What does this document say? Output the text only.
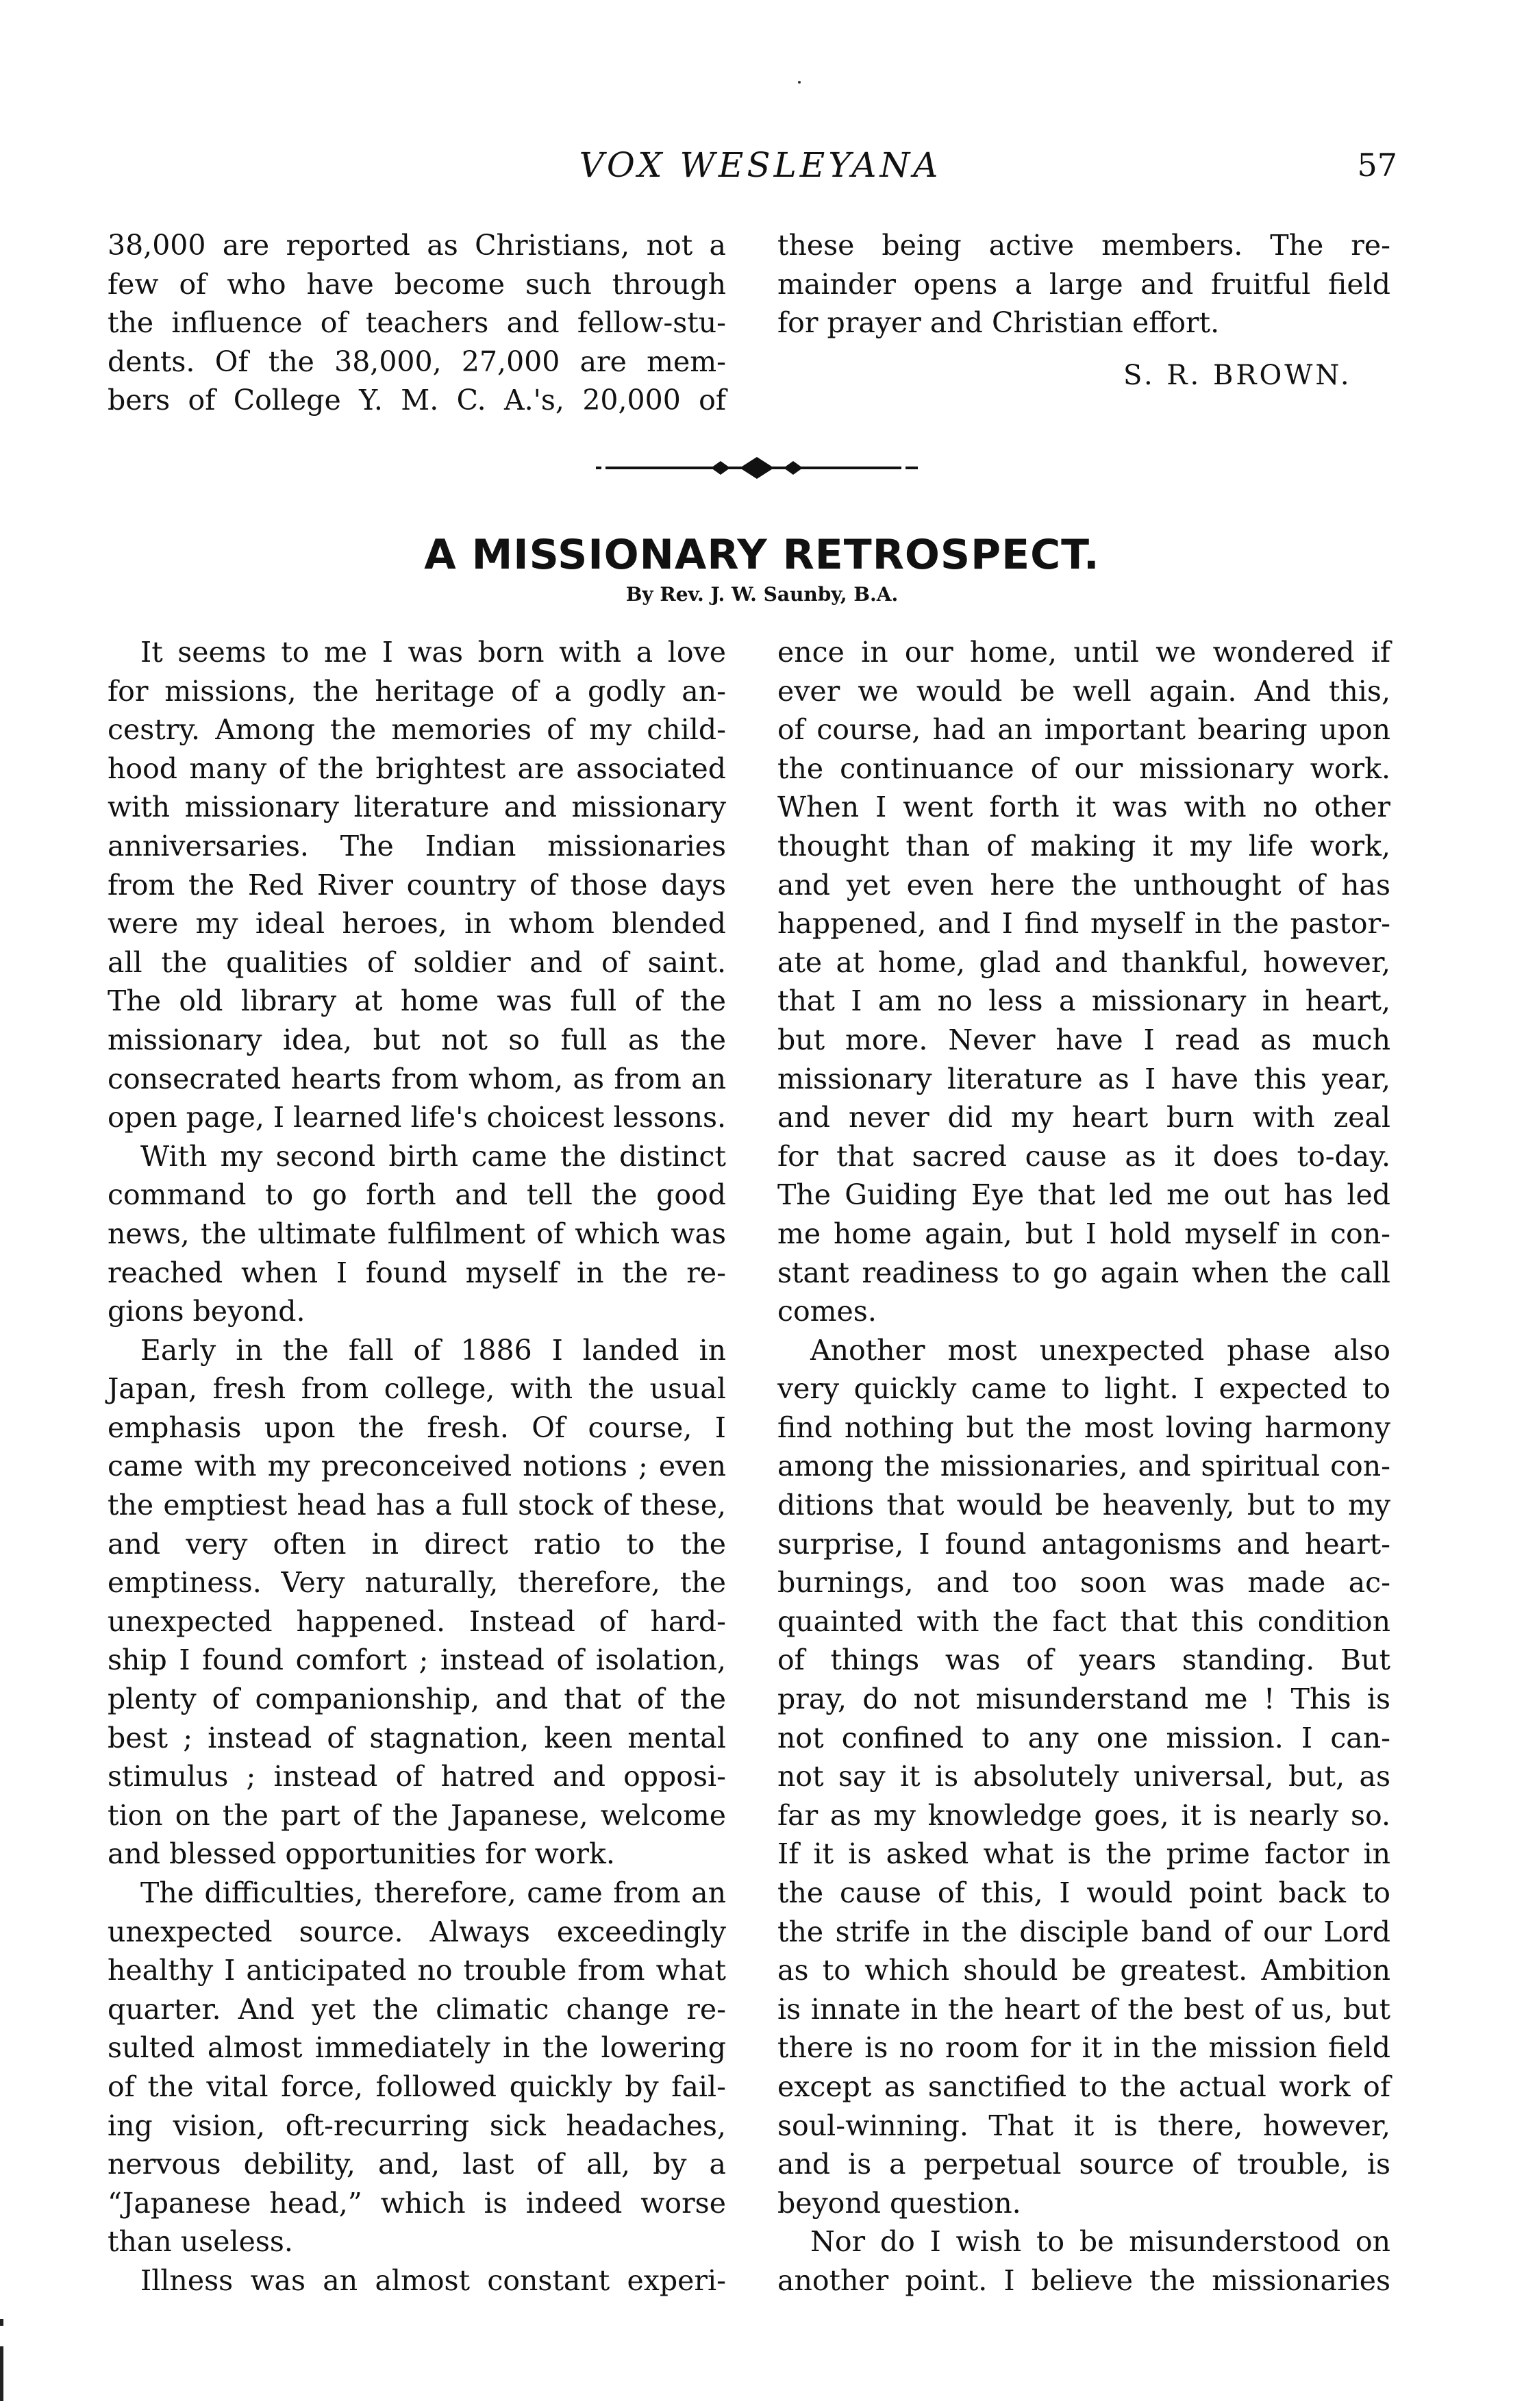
VOX WESLEYANA	57
38,000 are reported as Christians, not a
few of who have become such through
the influence of teachers and fellow-stu-
dents. Of the 38,000, 27,000 are mem-
bers of College Y. M. C. A.'s, 20,000 of
these being active members. The re-
mainder opens a large and fruitful field
for prayer and Christian effort.
S. R. BROWN.
A MISSIONARY RETROSPECT.
By Rev. J. W. Saunby, B.A.
It seems to me I was born with a love
for missions, the heritage of a godly an-
cestry. Among the memories of my child-
hood many of the brightest are associated
with missionary literature and missionary
anniversaries. The Indian missionaries
from the Red River country of those days
were my ideal heroes, in whom blended
all the qualities of soldier and of saint.
The old library at home was full of the
missionary idea, but not so full as the
consecrated hearts from whom, as from an
open page, I learned life's choicest lessons.
With my second birth came the distinct
command to go forth and tell the good
news, the ultimate fulfilment of which was
reached when I found myself in the re-
gions beyond.
Early in the fall of 1886 I landed in
Japan, fresh from college, with the usual
emphasis upon the fresh. Of course, I
came with my preconceived notions ; even
the emptiest head has a full stock of these,
and very often in direct ratio to the
emptiness. Very naturally, therefore, the
unexpected happened. Instead of hard-
ship I found comfort ; instead of isolation,
plenty of companionship, and that of the
best ; instead of stagnation, keen mental
stimulus ; instead of hatred and opposi-
tion on the part of the Japanese, welcome
and blessed opportunities for work.
The difficulties, therefore, came from an
unexpected source. Always exceedingly
healthy I anticipated no trouble from what
quarter. And yet the climatic change re-
sulted almost immediately in the lowering
of the vital force, followed quickly by fail-
ing vision, oft-recurring sick headaches,
nervous debility, and, last of all, by a
“Japanese head,” which is indeed worse
than useless.
Illness was an almost constant experi-
ence in our home, until we wondered if
ever we would be well again. And this,
of course, had an important bearing upon
the continuance of our missionary work.
When I went forth it was with no other
thought than of making it my life work,
and yet even here the unthought of has
happened, and I find myself in the pastor-
ate at home, glad and thankful, however,
that I am no less a missionary in heart,
but more. Never have I read as much
missionary literature as I have this year,
and never did my heart burn with zeal
for that sacred cause as it does to-day.
The Guiding Eye that led me out has led
me home again, but I hold myself in con-
stant readiness to go again when the call
comes.
Another most unexpected phase also
very quickly came to light. I expected to
find nothing but the most loving harmony
among the missionaries, and spiritual con-
ditions that would be heavenly, but to my
surprise, I found antagonisms and heart-
burnings, and too soon was made ac-
quainted with the fact that this condition
of things was of years standing. But
pray, do not misunderstand me ! This is
not confined to any one mission. I can-
not say it is absolutely universal, but, as
far as my knowledge goes, it is nearly so.
If it is asked what is the prime factor in
the cause of this, I would point back to
the strife in the disciple band of our Lord
as to which should be greatest. Ambition
is innate in the heart of the best of us, but
there is no room for it in the mission field
except as sanctified to the actual work of
soul-winning. That it is there, however,
and is a perpetual source of trouble, is
beyond question.
Nor do I wish to be misunderstood on
another point. I believe the missionaries
